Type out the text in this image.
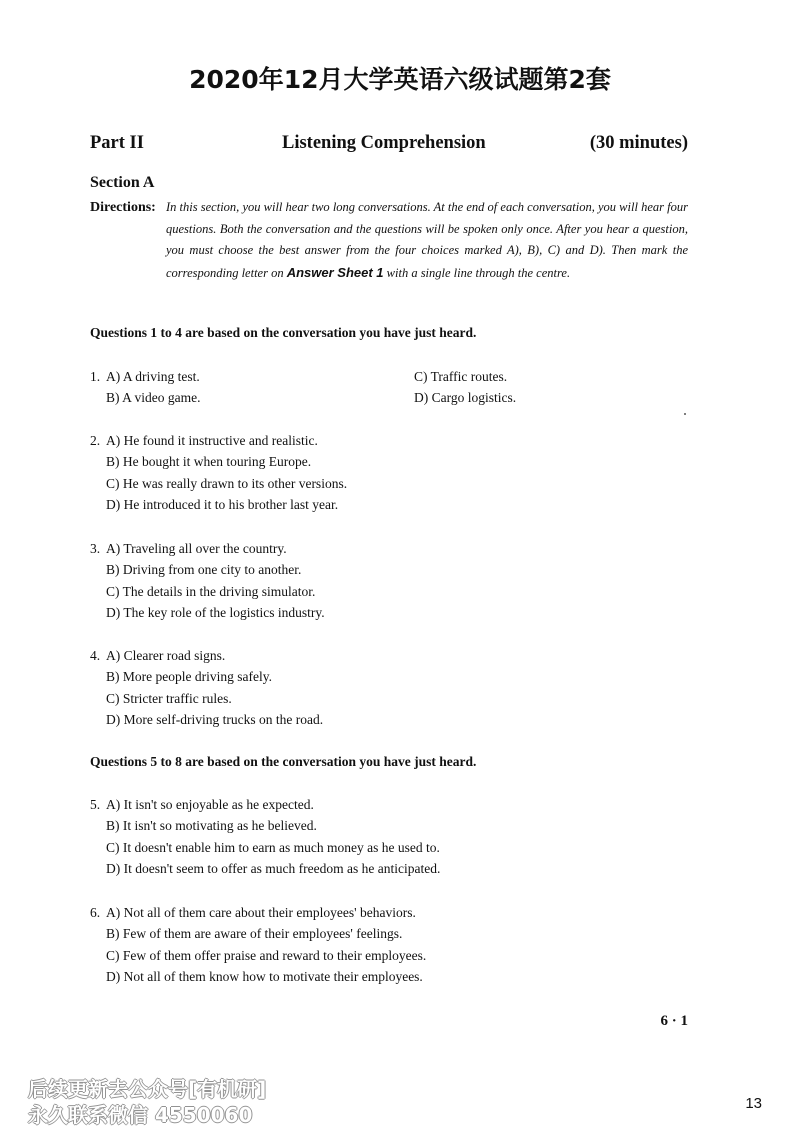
2020年12月大学英语六级试题第2套
Part II	Listening Comprehension	(30 minutes)
Section A
Directions: In this section, you will hear two long conversations. At the end of each conversation, you will hear four questions. Both the conversation and the questions will be spoken only once. After you hear a question, you must choose the best answer from the four choices marked A), B), C) and D). Then mark the corresponding letter on Answer Sheet 1 with a single line through the centre.
Questions 1 to 4 are based on the conversation you have just heard.
1. A) A driving test.	C) Traffic routes.
B) A video game.	D) Cargo logistics.
2. A) He found it instructive and realistic.
B) He bought it when touring Europe.
C) He was really drawn to its other versions.
D) He introduced it to his brother last year.
3. A) Traveling all over the country.
B) Driving from one city to another.
C) The details in the driving simulator.
D) The key role of the logistics industry.
4. A) Clearer road signs.
B) More people driving safely.
C) Stricter traffic rules.
D) More self-driving trucks on the road.
Questions 5 to 8 are based on the conversation you have just heard.
5. A) It isn't so enjoyable as he expected.
B) It isn't so motivating as he believed.
C) It doesn't enable him to earn as much money as he used to.
D) It doesn't seem to offer as much freedom as he anticipated.
6. A) Not all of them care about their employees' behaviors.
B) Few of them are aware of their employees' feelings.
C) Few of them offer praise and reward to their employees.
D) Not all of them know how to motivate their employees.
6 · 1
后续更新去公众号[有机研]
永久联系微信 4550060	13
